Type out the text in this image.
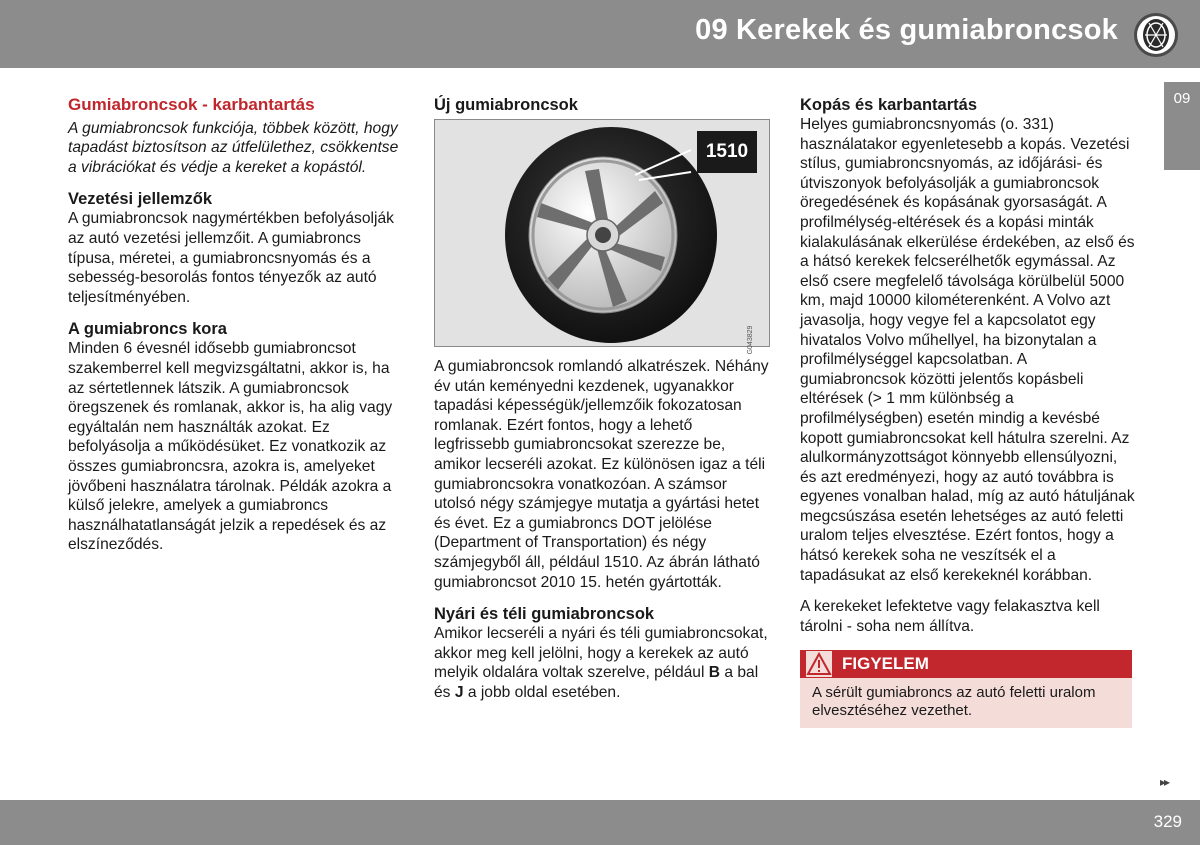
09 Kerekek és gumiabroncsok
09
Gumiabroncsok - karbantartás

A gumiabroncsok funkciója, többek között, hogy tapadást biztosítson az útfelülethez, csökkentse a vibrációkat és védje a kereket a kopástól.

Vezetési jellemzők

A gumiabroncsok nagymértékben befolyásolják az autó vezetési jellemzőit. A gumiabroncs típusa, méretei, a gumiabroncsnyomás és a sebesség-besorolás fontos tényezők az autó teljesítményében.

A gumiabroncs kora

Minden 6 évesnél idősebb gumiabroncsot szakemberrel kell megvizsgáltatni, akkor is, ha az sértetlennek látszik. A gumiabroncsok öregszenek és romlanak, akkor is, ha alig vagy egyáltalán nem használták azokat. Ez befolyásolja a működésüket. Ez vonatkozik az összes gumiabroncsra, azokra is, amelyeket jövőbeni használatra tárolnak. Példák azokra a külső jelekre, amelyek a gumiabroncs használhatatlanságát jelzik a repedések és az elszíneződés.

Új gumiabroncsok
1510
G043829

A gumiabroncsok romlandó alkatrészek. Néhány év után keményedni kezdenek, ugyanakkor tapadási képességük/jellemzőik fokozatosan romlanak. Ezért fontos, hogy a lehető legfrissebb gumiabroncsokat szerezze be, amikor lecseréli azokat. Ez különösen igaz a téli gumiabroncsokra vonatkozóan. A számsor utolsó négy számjegye mutatja a gyártási hetet és évet. Ez a gumiabroncs DOT jelölése (Department of Transportation) és négy számjegyből áll, például 1510. Az ábrán látható gumiabroncsot 2010 15. hetén gyártották.

Nyári és téli gumiabroncsok

Amikor lecseréli a nyári és téli gumiabroncsokat, akkor meg kell jelölni, hogy a kerekek az autó melyik oldalára voltak szerelve, például B a bal és J a jobb oldal esetében.

Kopás és karbantartás

Helyes gumiabroncsnyomás (o. 331) használatakor egyenletesebb a kopás. Vezetési stílus, gumiabroncsnyomás, az időjárási- és útviszonyok befolyásolják a gumiabroncsok öregedésének és kopásának gyorsaságát. A profilmélység-eltérések és a kopási minták kialakulásának elkerülése érdekében, az első és a hátsó kerekek felcserélhetők egymással. Az első csere megfelelő távolsága körülbelül 5000 km, majd 10000 kilométerenként. A Volvo azt javasolja, hogy vegye fel a kapcsolatot egy hivatalos Volvo műhellyel, ha bizonytalan a profilmélységgel kapcsolatban. A gumiabroncsok közötti jelentős kopásbeli eltérések (> 1 mm különbség a profilmélységben) esetén mindig a kevésbé kopott gumiabroncsokat kell hátulra szerelni. Az alulkormányzottságot könnyebb ellensúlyozni, és azt eredményezi, hogy az autó továbbra is egyenes vonalban halad, míg az autó hátuljának megcsúszása esetén lehetséges az autó feletti uralom teljes elvesztése. Ezért fontos, hogy a hátsó kerekek soha ne veszítsék el a tapadásukat az első kerekeknél korábban.

A kerekeket lefektetve vagy felakasztva kell tárolni - soha nem állítva.

FIGYELEM
A sérült gumiabroncs az autó feletti uralom elvesztéséhez vezethet.
▸▸
329
